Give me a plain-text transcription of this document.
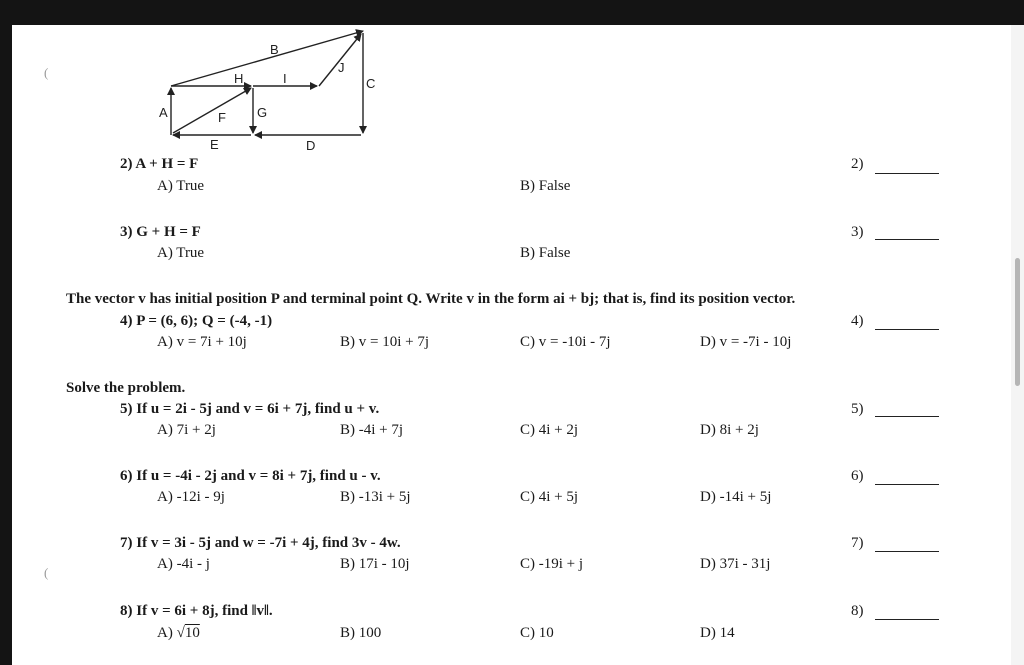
(
(
B
A
H	I
J
C
F G
D
E
2) A + H = F
A) True	B) False
2)
3) G + H = F
A) True	B) False
3)
The vector v has initial position P and terminal point Q. Write v in the form ai + bj; that is, find its position vector.
4) P = (6, 6); Q = (-4, -1)
A) v = 7i + 10j	B) v = 10i + 7j	C) v = -10i - 7j	D) v = -7i - 10j
4)
Solve the problem.
5) If u = 2i - 5j and v = 6i + 7j, find u + v.
A) 7i + 2j	B) -4i + 7j	C) 4i + 2j	D) 8i + 2j
5)
6) If u = -4i - 2j and v = 8i + 7j, find u - v.
A) -12i - 9j	B) -13i + 5j	C) 4i + 5j	D) -14i + 5j
6)
7) If v = 3i - 5j and w = -7i + 4j, find 3v - 4w.
A) -4i - j	B) 17i - 10j	C) -19i + j	D) 37i - 31j
7)
8) If v = 6i + 8j, find ‖v‖.
A) √10	B) 100	C) 10	D) 14
8)
